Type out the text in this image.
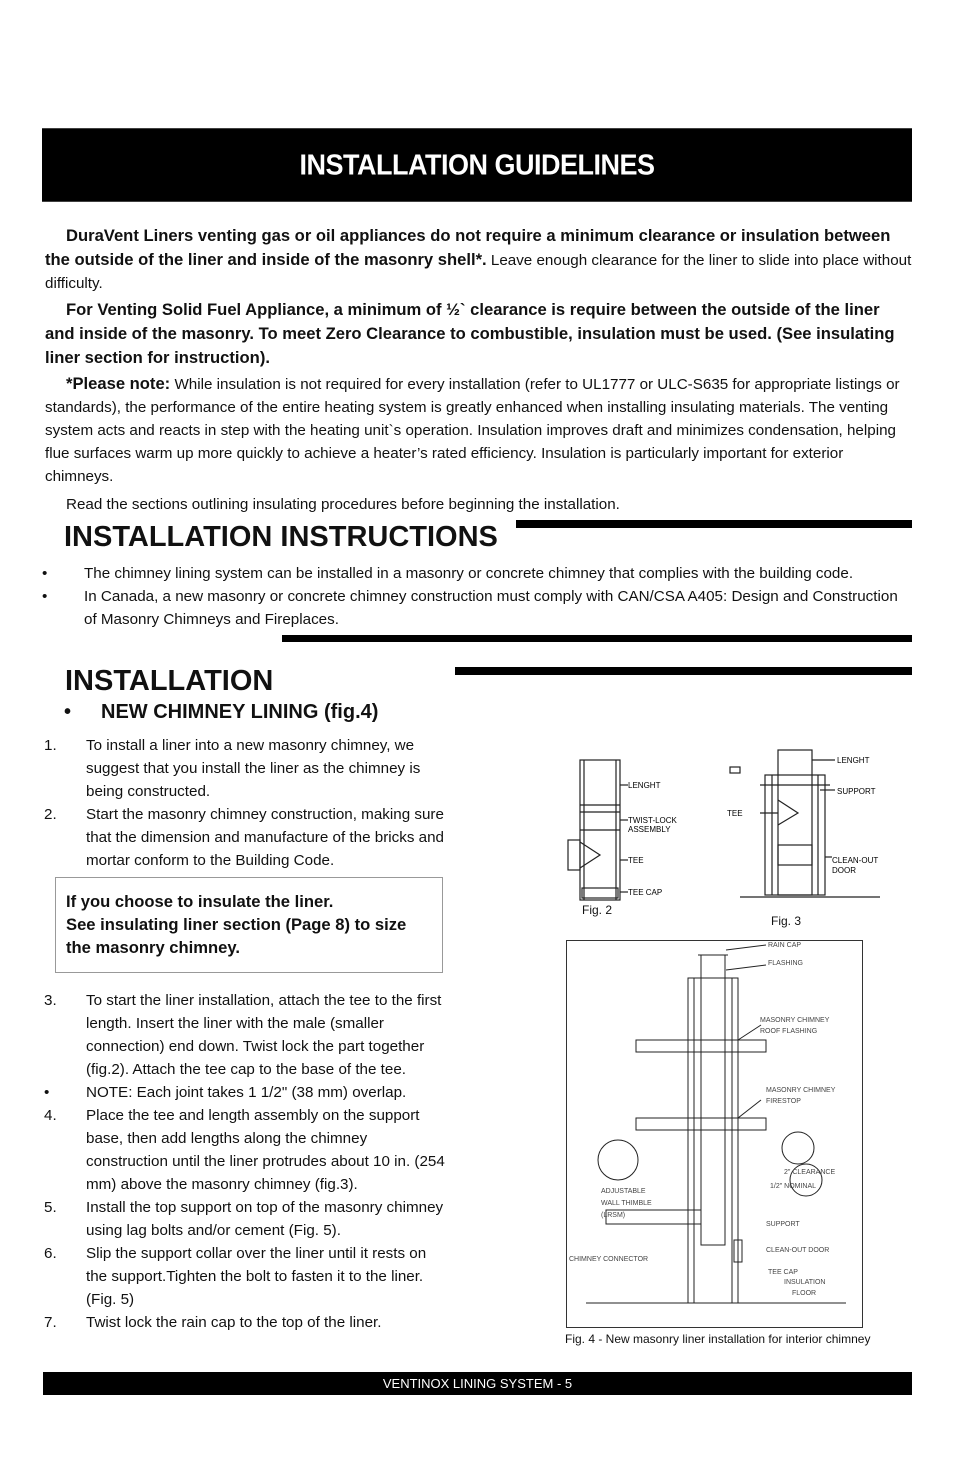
INSTALLATION GUIDELINES
DuraVent Liners venting gas or oil appliances do not require a minimum clearance or insulation between the outside of the liner and inside of the masonry shell*. Leave enough clearance for the liner to slide into place without difficulty.
For Venting Solid Fuel Appliance, a minimum of ½` clearance is require between the outside of the liner and inside of the masonry. To meet Zero Clearance to combustible, insulation must be used. (See insulating liner section for instruction).
*Please note: While insulation is not required for every installation (refer to UL1777 or ULC-S635 for appropriate listings or standards), the performance of the entire heating system is greatly enhanced when installing insulating materials. The venting system acts and reacts in step with the heating unit`s operation. Insulation improves draft and minimizes condensation, helping flue surfaces warm up more quickly to achieve a heater’s rated efficiency. Insulation is particularly important for exterior chimneys.
Read the sections outlining insulating procedures before beginning the installation.
INSTALLATION INSTRUCTIONS
• The chimney lining system can be installed in a masonry or concrete chimney that complies with the building code.
• In Canada, a new masonry or concrete chimney construction must comply with CAN/CSA A405: Design and Construction of Masonry Chimneys and Fireplaces.
INSTALLATION
• NEW CHIMNEY LINING (fig.4)
1. To install a liner into a new masonry chimney, we suggest that you install the liner as the chimney is being constructed.
2. Start the masonry chimney construction, making sure that the dimension and manufacture of the bricks and mortar conform to the Building Code.
If you choose to insulate the liner.
See insulating liner section (Page 8) to size the masonry chimney.
3. To start the liner installation, attach the tee to the first length. Insert the liner with the male (smaller connection) end down. Twist lock the part together (fig.2). Attach the tee cap to the base of the tee.
• NOTE: Each joint takes 1 1/2" (38 mm) overlap.
4. Place the tee and length assembly on the support base, then add lengths along the chimney construction until the liner protrudes about 10 in. (254 mm) above the masonry chimney (fig.3).
5. Install the top support on top of the masonry chimney using lag bolts and/or cement (Fig. 5).
6. Slip the support collar over the liner until it rests on the support.Tighten the bolt to fasten it to the liner. (Fig. 5)
7. Twist lock the rain cap to the top of the liner.
LENGHT
TWIST-LOCK
ASSEMBLY
TEE
TEE CAP
Fig. 2
LENGHT
SUPPORT
TEE
CLEAN-OUT
DOOR
Fig. 3
RAIN CAP
FLASHING
MASONRY CHIMNEY
ROOF FLASHING
MASONRY CHIMNEY
FIRESTOP
2" CLEARANCE
1/2" NOMINAL
ADJUSTABLE
WALL THIMBLE
(LRSM)
SUPPORT
CHIMNEY CONNECTOR
CLEAN-OUT DOOR
TEE CAP
INSULATION
FLOOR
Fig. 4 - New masonry liner installation for interior chimney
VENTINOX LINING SYSTEM - 5
